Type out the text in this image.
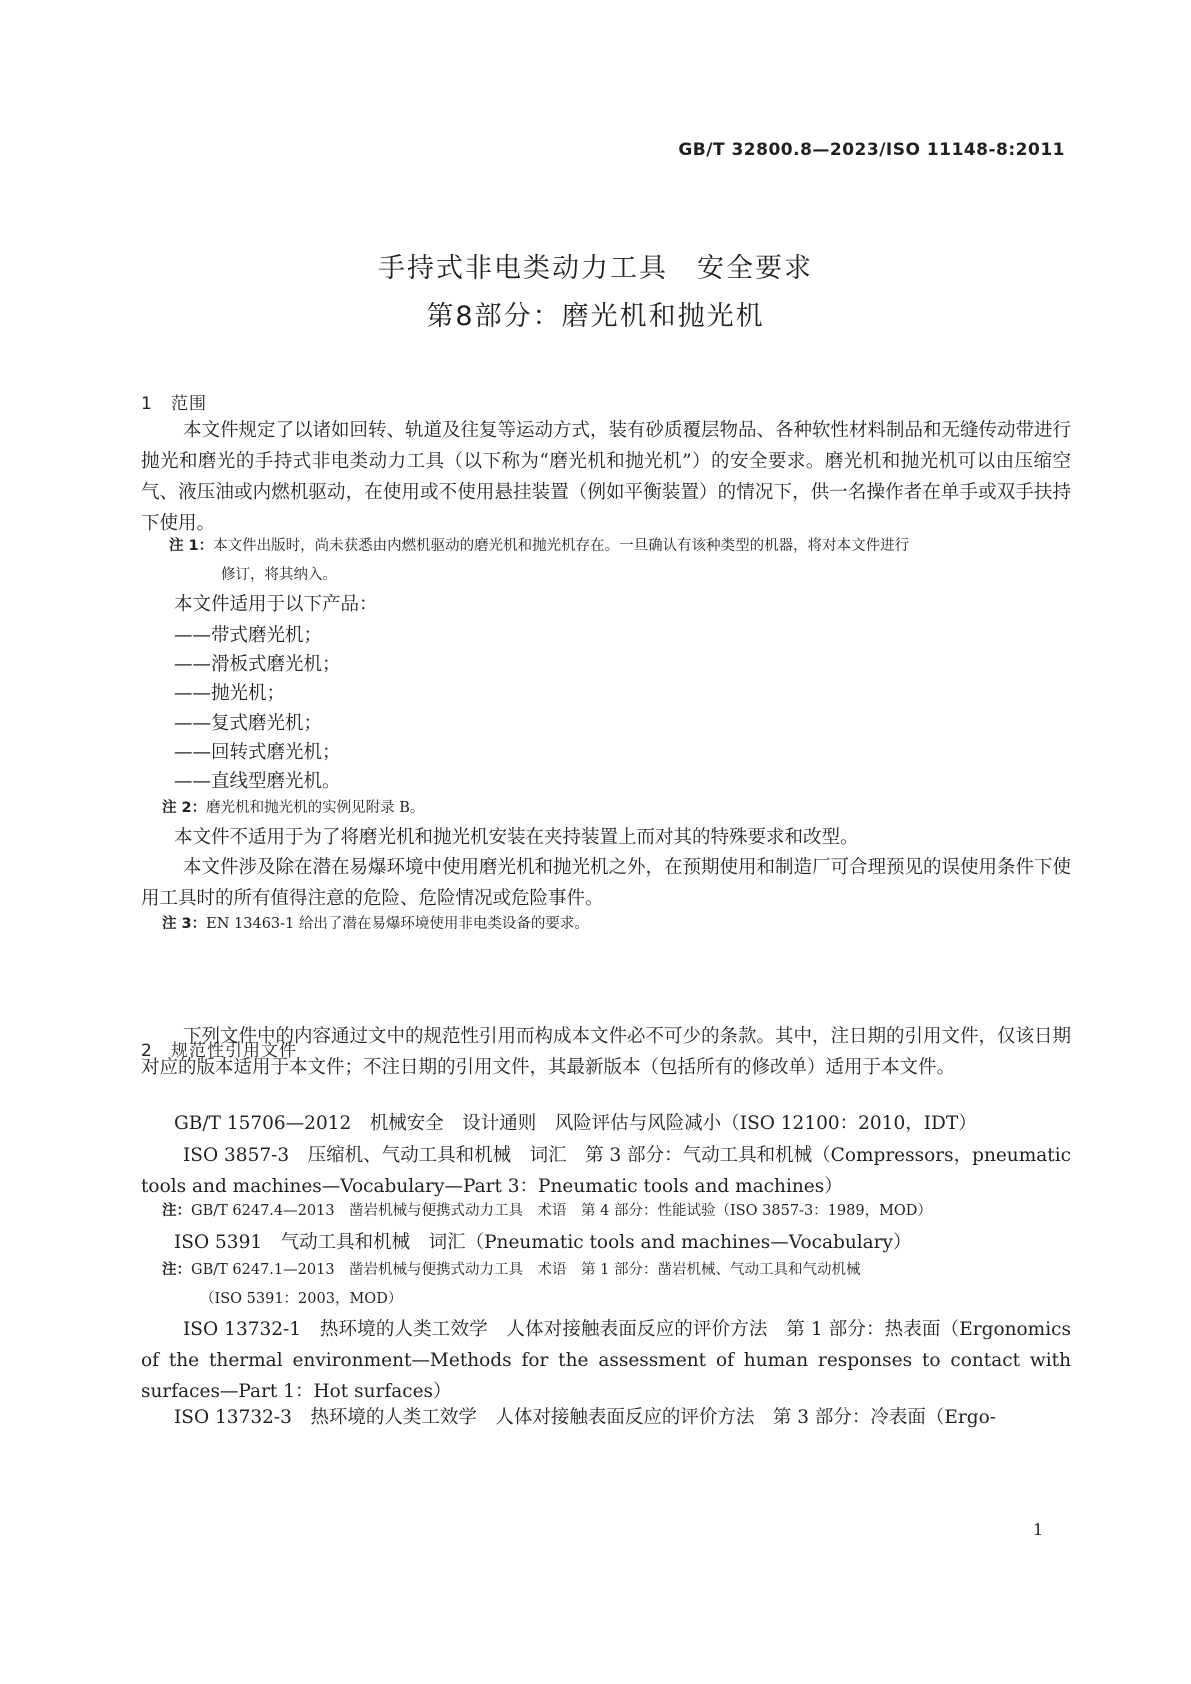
GB/T 32800.8—2023/ISO 11148-8:2011
手持式非电类动力工具　安全要求
第8部分：磨光机和抛光机
1 范围
本文件规定了以诸如回转、轨道及往复等运动方式，装有砂质覆层物品、各种软性材料制品和无缝传动带进行抛光和磨光的手持式非电类动力工具（以下称为“磨光机和抛光机”）的安全要求。磨光机和抛光机可以由压缩空气、液压油或内燃机驱动，在使用或不使用悬挂装置（例如平衡装置）的情况下，供一名操作者在单手或双手扶持下使用。
注 1：本文件出版时，尚未获悉由内燃机驱动的磨光机和抛光机存在。一旦确认有该种类型的机器，将对本文件进行
修订，将其纳入。
本文件适用于以下产品：
——带式磨光机；
——滑板式磨光机；
——抛光机；
——复式磨光机；
——回转式磨光机；
——直线型磨光机。
注 2：磨光机和抛光机的实例见附录 B。
本文件不适用于为了将磨光机和抛光机安装在夹持装置上而对其的特殊要求和改型。
本文件涉及除在潜在易爆环境中使用磨光机和抛光机之外，在预期使用和制造厂可合理预见的误使用条件下使用工具时的所有值得注意的危险、危险情况或危险事件。
注 3：EN 13463-1 给出了潜在易爆环境使用非电类设备的要求。
2 规范性引用文件
下列文件中的内容通过文中的规范性引用而构成本文件必不可少的条款。其中，注日期的引用文件，仅该日期对应的版本适用于本文件；不注日期的引用文件，其最新版本（包括所有的修改单）适用于本文件。
GB/T 15706—2012　机械安全　设计通则　风险评估与风险减小（ISO 12100：2010，IDT）
ISO 3857-3　压缩机、气动工具和机械　词汇　第 3 部分：气动工具和机械（Compressors，pneumatic tools and machines—Vocabulary—Part 3：Pneumatic tools and machines）
注：GB/T 6247.4—2013　凿岩机械与便携式动力工具　术语　第 4 部分：性能试验（ISO 3857-3：1989，MOD）
ISO 5391　气动工具和机械　词汇（Pneumatic tools and machines—Vocabulary）
注：GB/T 6247.1—2013　凿岩机械与便携式动力工具　术语　第 1 部分：凿岩机械、气动工具和气动机械
（ISO 5391：2003，MOD）
ISO 13732-1　热环境的人类工效学　人体对接触表面反应的评价方法　第 1 部分：热表面（Ergonomics of the thermal environment—Methods for the assessment of human responses to contact with surfaces—Part 1：Hot surfaces）
ISO 13732-3　热环境的人类工效学　人体对接触表面反应的评价方法　第 3 部分：冷表面（Ergo-
1
